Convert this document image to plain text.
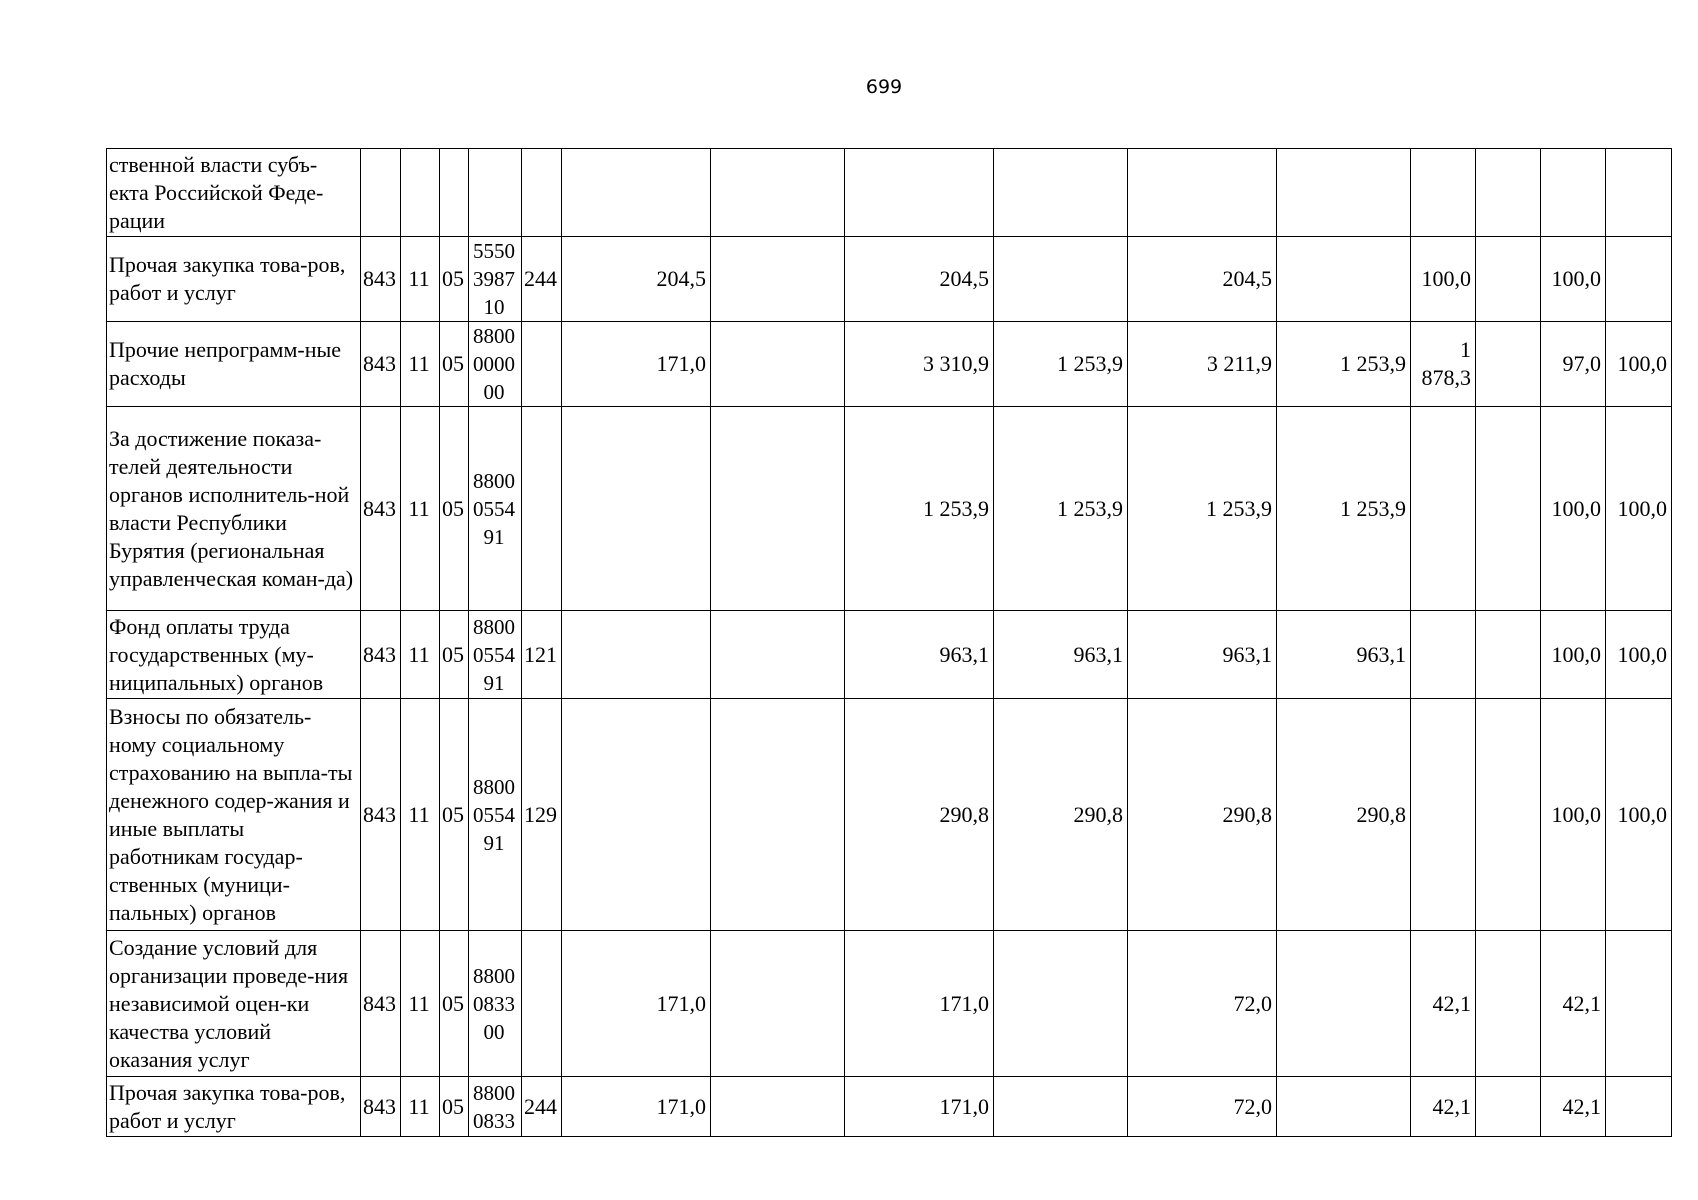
699
ственной власти субъ-екта Российской Феде-рации															
Прочая закупка това-ров, работ и услуг	843	11	05	5550 3987 10	244	204,5		204,5		204,5		100,0		100,0	
Прочие непрограмм-ные расходы	843	11	05	8800 0000 00		171,0		3 310,9	1 253,9	3 211,9	1 253,9	1 878,3		97,0	100,0
За достижение показа-телей деятельности органов исполнитель-ной власти Республики Бурятия (региональная управленческая коман-да)	843	11	05	8800 0554 91				1 253,9	1 253,9	1 253,9	1 253,9			100,0	100,0
Фонд оплаты труда государственных (му-ниципальных) органов	843	11	05	8800 0554 91	121			963,1	963,1	963,1	963,1			100,0	100,0
Взносы по обязатель-ному социальному страхованию на выпла-ты денежного содер-жания и иные выплаты работникам государ-ственных (муници-пальных) органов	843	11	05	8800 0554 91	129			290,8	290,8	290,8	290,8			100,0	100,0
Создание условий для организации проведе-ния независимой оцен-ки качества условий оказания услуг	843	11	05	8800 0833 00		171,0		171,0		72,0		42,1		42,1	
Прочая закупка това-ров, работ и услуг	843	11	05	8800 0833	244	171,0		171,0		72,0		42,1		42,1	
